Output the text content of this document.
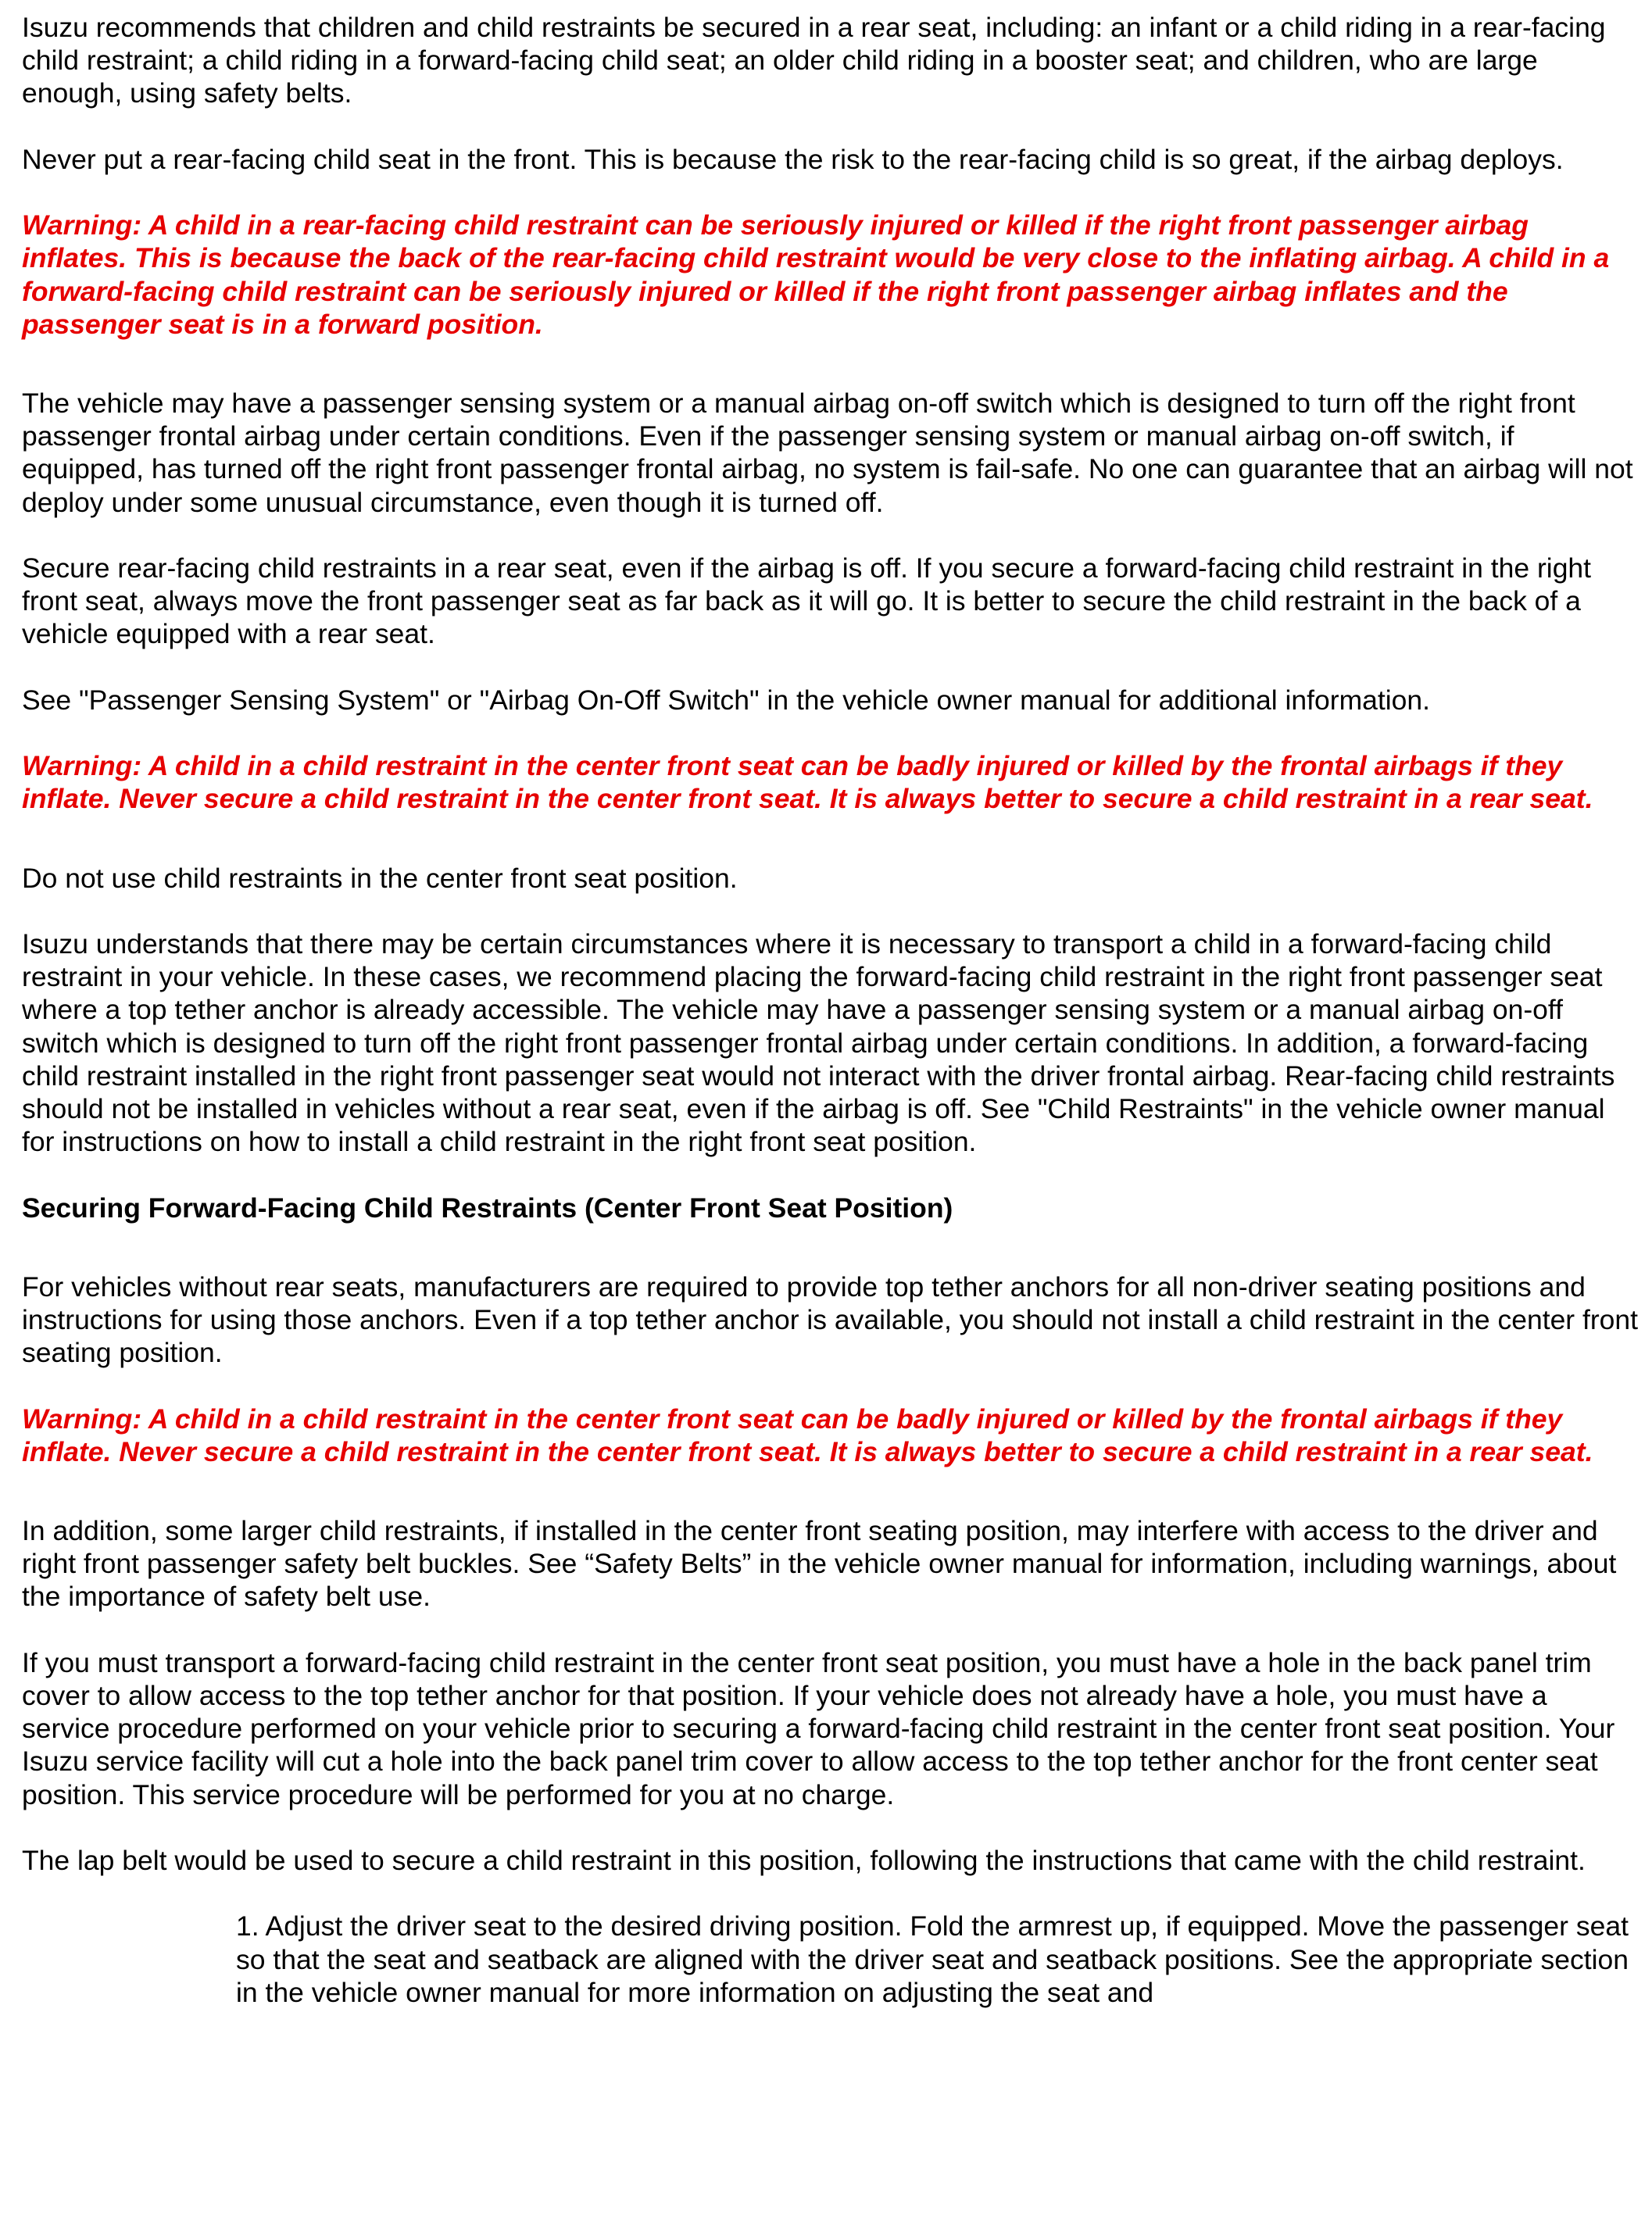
Isuzu recommends that children and child restraints be secured in a rear seat, including: an infant or a child riding in a rear-facing child restraint; a child riding in a forward-facing child seat; an older child riding in a booster seat; and children, who are large enough, using safety belts.

Never put a rear-facing child seat in the front. This is because the risk to the rear-facing child is so great, if the airbag deploys.

Warning: A child in a rear-facing child restraint can be seriously injured or killed if the right front passenger airbag inflates. This is because the back of the rear-facing child restraint would be very close to the inflating airbag. A child in a forward-facing child restraint can be seriously injured or killed if the right front passenger airbag inflates and the passenger seat is in a forward position.

The vehicle may have a passenger sensing system or a manual airbag on-off switch which is designed to turn off the right front passenger frontal airbag under certain conditions. Even if the passenger sensing system or manual airbag on-off switch, if equipped, has turned off the right front passenger frontal airbag, no system is fail-safe. No one can guarantee that an airbag will not deploy under some unusual circumstance, even though it is turned off.

Secure rear-facing child restraints in a rear seat, even if the airbag is off. If you secure a forward-facing child restraint in the right front seat, always move the front passenger seat as far back as it will go. It is better to secure the child restraint in the back of a vehicle equipped with a rear seat.

See "Passenger Sensing System" or "Airbag On-Off Switch" in the vehicle owner manual for additional information.

Warning: A child in a child restraint in the center front seat can be badly injured or killed by the frontal airbags if they inflate. Never secure a child restraint in the center front seat. It is always better to secure a child restraint in a rear seat.

Do not use child restraints in the center front seat position.

Isuzu understands that there may be certain circumstances where it is necessary to transport a child in a forward-facing child restraint in your vehicle. In these cases, we recommend placing the forward-facing child restraint in the right front passenger seat where a top tether anchor is already accessible. The vehicle may have a passenger sensing system or a manual airbag on-off switch which is designed to turn off the right front passenger frontal airbag under certain conditions. In addition, a forward-facing child restraint installed in the right front passenger seat would not interact with the driver frontal airbag. Rear-facing child restraints should not be installed in vehicles without a rear seat, even if the airbag is off. See "Child Restraints" in the vehicle owner manual for instructions on how to install a child restraint in the right front seat position.

Securing Forward-Facing Child Restraints (Center Front Seat Position)

For vehicles without rear seats, manufacturers are required to provide top tether anchors for all non-driver seating positions and instructions for using those anchors. Even if a top tether anchor is available, you should not install a child restraint in the center front seating position.

Warning: A child in a child restraint in the center front seat can be badly injured or killed by the frontal airbags if they inflate. Never secure a child restraint in the center front seat. It is always better to secure a child restraint in a rear seat.

In addition, some larger child restraints, if installed in the center front seating position, may interfere with access to the driver and right front passenger safety belt buckles. See “Safety Belts” in the vehicle owner manual for information, including warnings, about the importance of safety belt use.

If you must transport a forward-facing child restraint in the center front seat position, you must have a hole in the back panel trim cover to allow access to the top tether anchor for that position. If your vehicle does not already have a hole, you must have a service procedure performed on your vehicle prior to securing a forward-facing child restraint in the center front seat position. Your Isuzu service facility will cut a hole into the back panel trim cover to allow access to the top tether anchor for the front center seat position. This service procedure will be performed for you at no charge.

The lap belt would be used to secure a child restraint in this position, following the instructions that came with the child restraint.

1. Adjust the driver seat to the desired driving position. Fold the armrest up, if equipped. Move the passenger seat so that the seat and seatback are aligned with the driver seat and seatback positions. See the appropriate section in the vehicle owner manual for more information on adjusting the seat and
